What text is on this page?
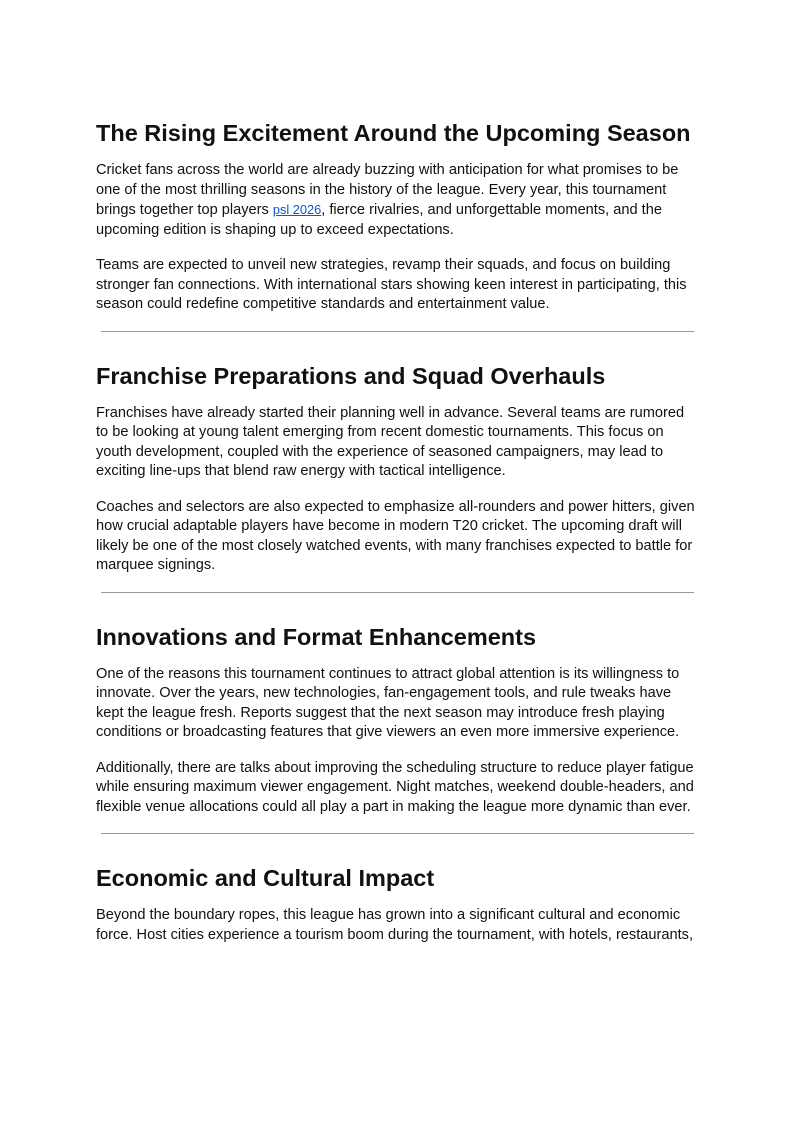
The Rising Excitement Around the Upcoming Season

Cricket fans across the world are already buzzing with anticipation for what promises to be one of the most thrilling seasons in the history of the league. Every year, this tournament brings together top players psl 2026, fierce rivalries, and unforgettable moments, and the upcoming edition is shaping up to exceed expectations.

Teams are expected to unveil new strategies, revamp their squads, and focus on building stronger fan connections. With international stars showing keen interest in participating, this season could redefine competitive standards and entertainment value.

Franchise Preparations and Squad Overhauls

Franchises have already started their planning well in advance. Several teams are rumored to be looking at young talent emerging from recent domestic tournaments. This focus on youth development, coupled with the experience of seasoned campaigners, may lead to exciting line-ups that blend raw energy with tactical intelligence.

Coaches and selectors are also expected to emphasize all-rounders and power hitters, given how crucial adaptable players have become in modern T20 cricket. The upcoming draft will likely be one of the most closely watched events, with many franchises expected to battle for marquee signings.

Innovations and Format Enhancements

One of the reasons this tournament continues to attract global attention is its willingness to innovate. Over the years, new technologies, fan-engagement tools, and rule tweaks have kept the league fresh. Reports suggest that the next season may introduce fresh playing conditions or broadcasting features that give viewers an even more immersive experience.

Additionally, there are talks about improving the scheduling structure to reduce player fatigue while ensuring maximum viewer engagement. Night matches, weekend double-headers, and flexible venue allocations could all play a part in making the league more dynamic than ever.

Economic and Cultural Impact

Beyond the boundary ropes, this league has grown into a significant cultural and economic force. Host cities experience a tourism boom during the tournament, with hotels, restaurants,
